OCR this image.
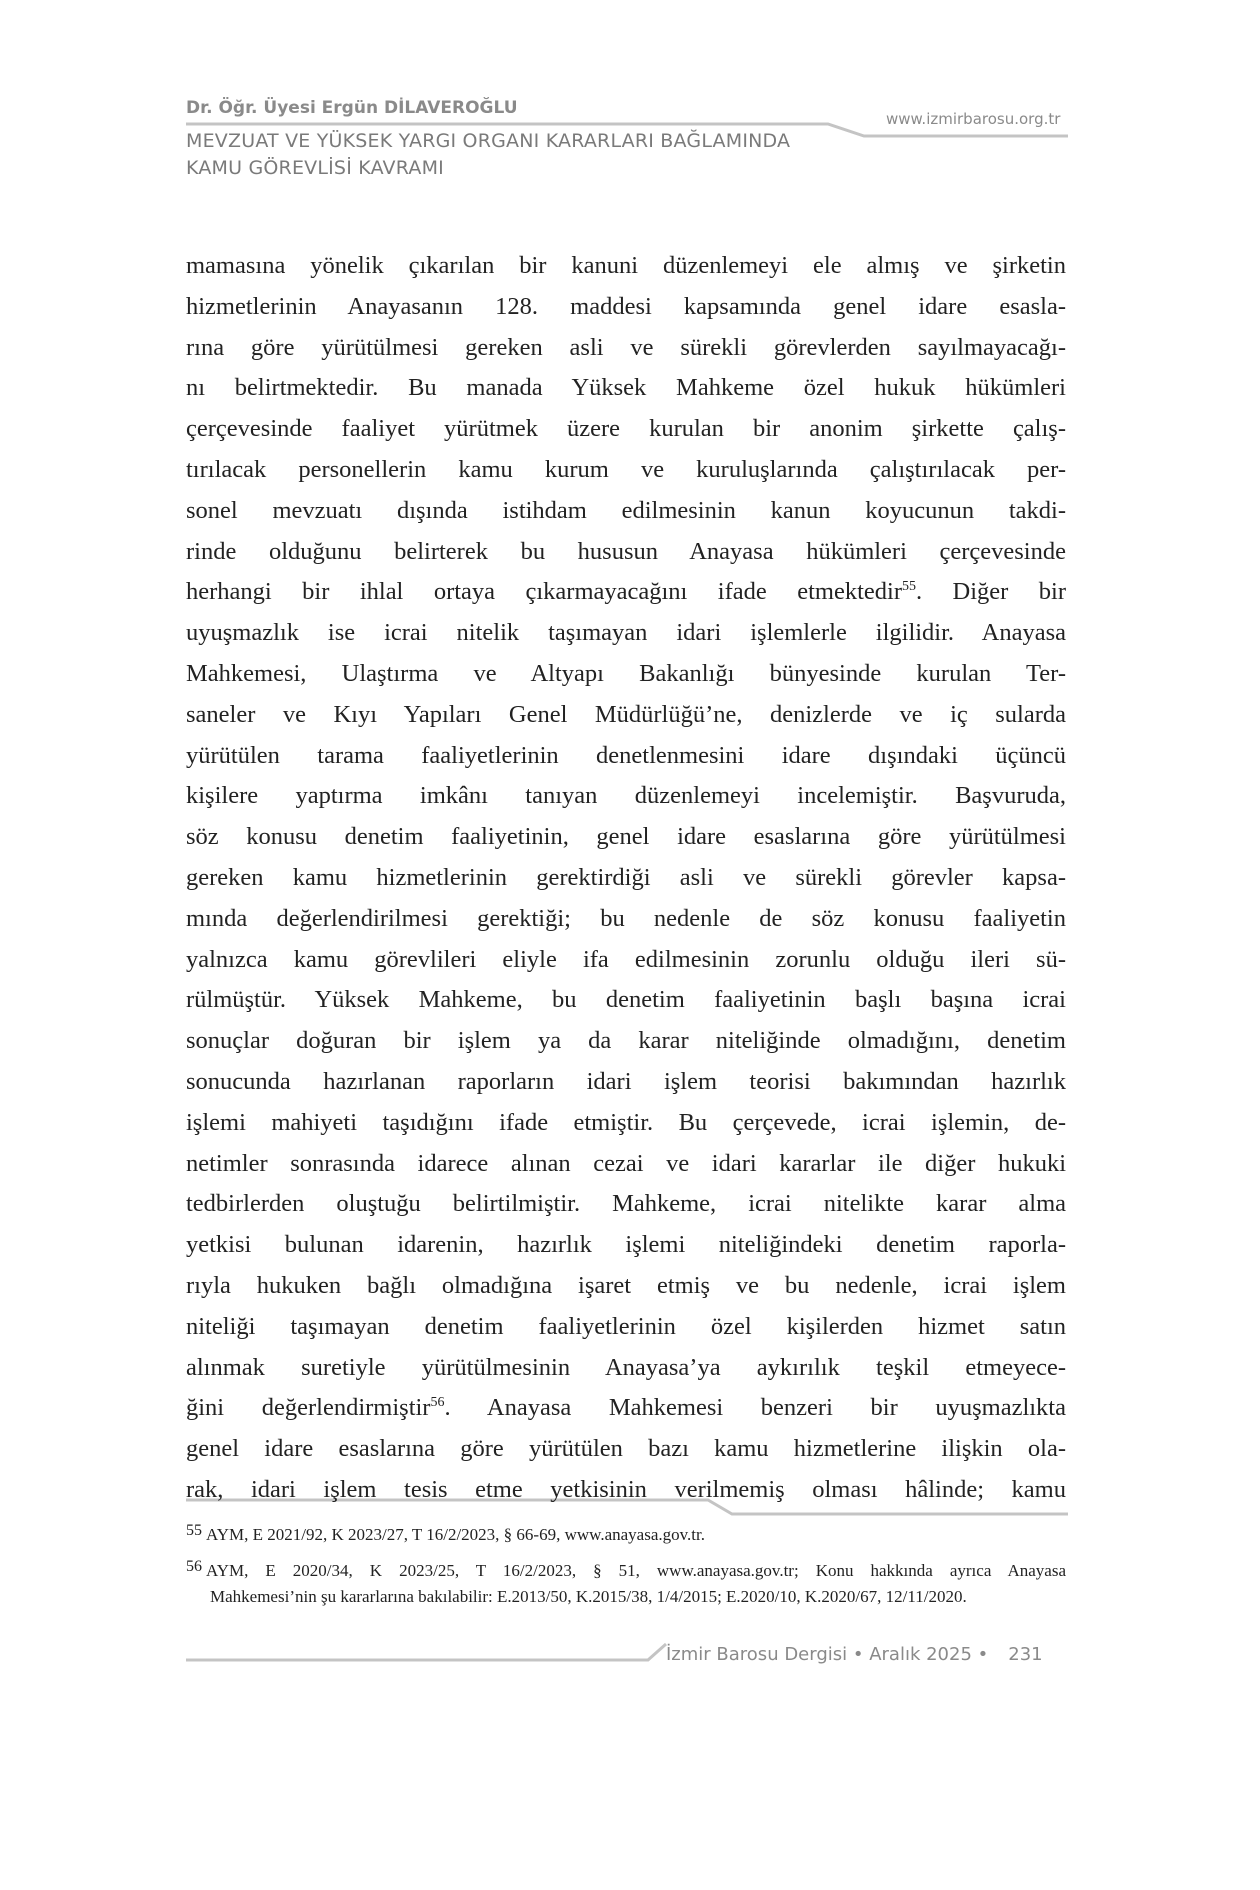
Dr. Öğr. Üyesi Ergün DİLAVEROĞLU
MEVZUAT VE YÜKSEK YARGI ORGANI KARARLARI BAĞLAMINDA
KAMU GÖREVLİSİ KAVRAMI
www.izmirbarosu.org.tr
mamasına yönelik çıkarılan bir kanuni düzenlemeyi ele almış ve şirketin
hizmetlerinin Anayasanın 128. maddesi kapsamında genel idare esasla-
rına göre yürütülmesi gereken asli ve sürekli görevlerden sayılmayacağı-
nı belirtmektedir. Bu manada Yüksek Mahkeme özel hukuk hükümleri
çerçevesinde faaliyet yürütmek üzere kurulan bir anonim şirkette çalış-
tırılacak personellerin kamu kurum ve kuruluşlarında çalıştırılacak per-
sonel mevzuatı dışında istihdam edilmesinin kanun koyucunun takdi-
rinde olduğunu belirterek bu hususun Anayasa hükümleri çerçevesinde
herhangi bir ihlal ortaya çıkarmayacağını ifade etmektedir$^{55}$. Diğer bir
uyuşmazlık ise icrai nitelik taşımayan idari işlemlerle ilgilidir. Anayasa
Mahkemesi, Ulaştırma ve Altyapı Bakanlığı bünyesinde kurulan Ter-
saneler ve Kıyı Yapıları Genel Müdürlüğü’ne, denizlerde ve iç sularda
yürütülen tarama faaliyetlerinin denetlenmesini idare dışındaki üçüncü
kişilere yaptırma imkânı tanıyan düzenlemeyi incelemiştir. Başvuruda,
söz konusu denetim faaliyetinin, genel idare esaslarına göre yürütülmesi
gereken kamu hizmetlerinin gerektirdiği asli ve sürekli görevler kapsa-
mında değerlendirilmesi gerektiği; bu nedenle de söz konusu faaliyetin
yalnızca kamu görevlileri eliyle ifa edilmesinin zorunlu olduğu ileri sü-
rülmüştür. Yüksek Mahkeme, bu denetim faaliyetinin başlı başına icrai
sonuçlar doğuran bir işlem ya da karar niteliğinde olmadığını, denetim
sonucunda hazırlanan raporların idari işlem teorisi bakımından hazırlık
işlemi mahiyeti taşıdığını ifade etmiştir. Bu çerçevede, icrai işlemin, de-
netimler sonrasında idarece alınan cezai ve idari kararlar ile diğer hukuki
tedbirlerden oluştuğu belirtilmiştir. Mahkeme, icrai nitelikte karar alma
yetkisi bulunan idarenin, hazırlık işlemi niteliğindeki denetim raporla-
rıyla hukuken bağlı olmadığına işaret etmiş ve bu nedenle, icrai işlem
niteliği taşımayan denetim faaliyetlerinin özel kişilerden hizmet satın
alınmak suretiyle yürütülmesinin Anayasa’ya aykırılık teşkil etmeyece-
ğini değerlendirmiştir$^{56}$. Anayasa Mahkemesi benzeri bir uyuşmazlıkta
genel idare esaslarına göre yürütülen bazı kamu hizmetlerine ilişkin ola-
rak, idari işlem tesis etme yetkisinin verilmemiş olması hâlinde; kamu
55 AYM, E 2021/92, K 2023/27, T 16/2/2023, § 66-69, www.anayasa.gov.tr.
56 AYM, E 2020/34, K 2023/25, T 16/2/2023, § 51, www.anayasa.gov.tr; Konu hakkında ayrıca Anayasa
Mahkemesi’nin şu kararlarına bakılabilir: E.2013/50, K.2015/38, 1/4/2015; E.2020/10, K.2020/67, 12/11/2020.
İzmir Barosu Dergisi • Aralık 2025 • 231
